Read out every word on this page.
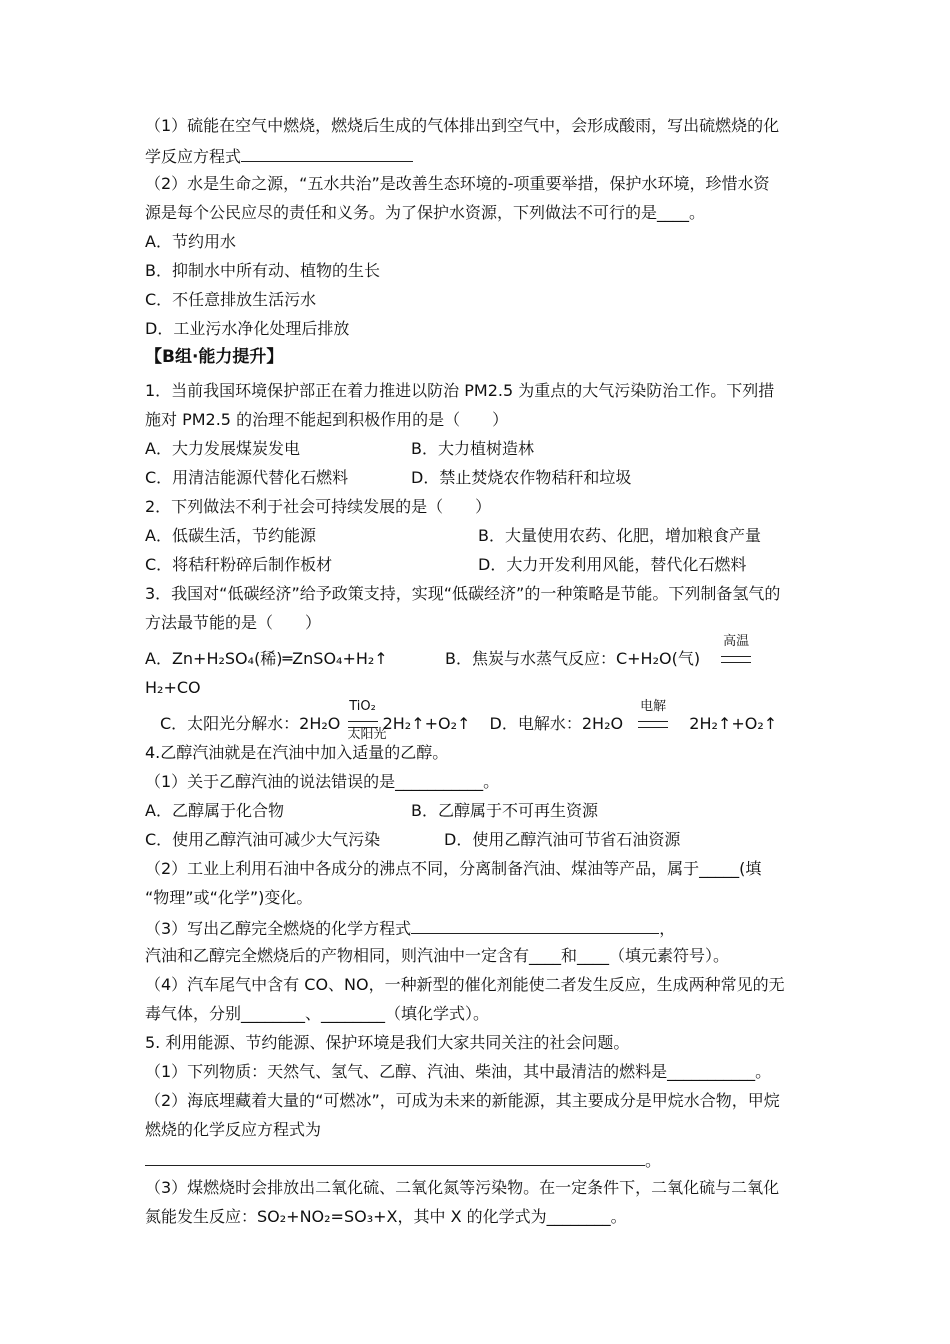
（1）硫能在空气中燃烧，燃烧后生成的气体排出到空气中，会形成酸雨，写出硫燃烧的化
学反应方程式
（2）水是生命之源，“五水共治”是改善生态环境的-项重要举措，保护水环境，珍惜水资
源是每个公民应尽的责任和义务。为了保护水资源，下列做法不可行的是____。
A．节约用水
B．抑制水中所有动、植物的生长
C．不任意排放生活污水
D．工业污水净化处理后排放
【B组·能力提升】
1．当前我国环境保护部正在着力推进以防治 PM2.5 为重点的大气污染防治工作。下列措
施对 PM2.5 的治理不能起到积极作用的是（　　）
A．大力发展煤炭发电	B．大力植树造林
C．用清洁能源代替化石燃料	D．禁止焚烧农作物秸秆和垃圾
2．下列做法不利于社会可持续发展的是（　　）
A．低碳生活，节约能源	B．大量使用农药、化肥，增加粮食产量
C．将秸秆粉碎后制作板材	D．大力开发利用风能，替代化石燃料
3．我国对“低碳经济”给予政策支持，实现“低碳经济”的一种策略是节能。下列制备氢气的
方法最节能的是（　　）
A．Zn+H₂SO₄(稀)═ZnSO₄+H₂↑	B．焦炭与水蒸气反应：C+H₂O(气)
高温
H₂+CO
C．太阳光分解水：2H₂O
TiO₂
太阳光
2H₂↑+O₂↑ D．电解水：2H₂O
电解
2H₂↑+O₂↑
4.乙醇汽油就是在汽油中加入适量的乙醇。
（1）关于乙醇汽油的说法错误的是___________。
A．乙醇属于化合物	B．乙醇属于不可再生资源
C．使用乙醇汽油可减少大气污染	D．使用乙醇汽油可节省石油资源
（2）工业上利用石油中各成分的沸点不同，分离制备汽油、煤油等产品，属于_____(填
“物理”或“化学”)变化。
（3）写出乙醇完全燃烧的化学方程式	，
汽油和乙醇完全燃烧后的产物相同，则汽油中一定含有____和____（填元素符号）。
（4）汽车尾气中含有 CO、NO，一种新型的催化剂能使二者发生反应，生成两种常见的无
毒气体，分别________、________（填化学式）。
5. 利用能源、节约能源、保护环境是我们大家共同关注的社会问题。
（1）下列物质：天然气、氢气、乙醇、汽油、柴油，其中最清洁的燃料是___________。
（2）海底埋藏着大量的“可燃冰”，可成为未来的新能源，其主要成分是甲烷水合物，甲烷
燃烧的化学反应方程式为
。
（3）煤燃烧时会排放出二氧化硫、二氧化氮等污染物。在一定条件下，二氧化硫与二氧化
氮能发生反应：SO₂+NO₂=SO₃+X，其中 X 的化学式为________。
